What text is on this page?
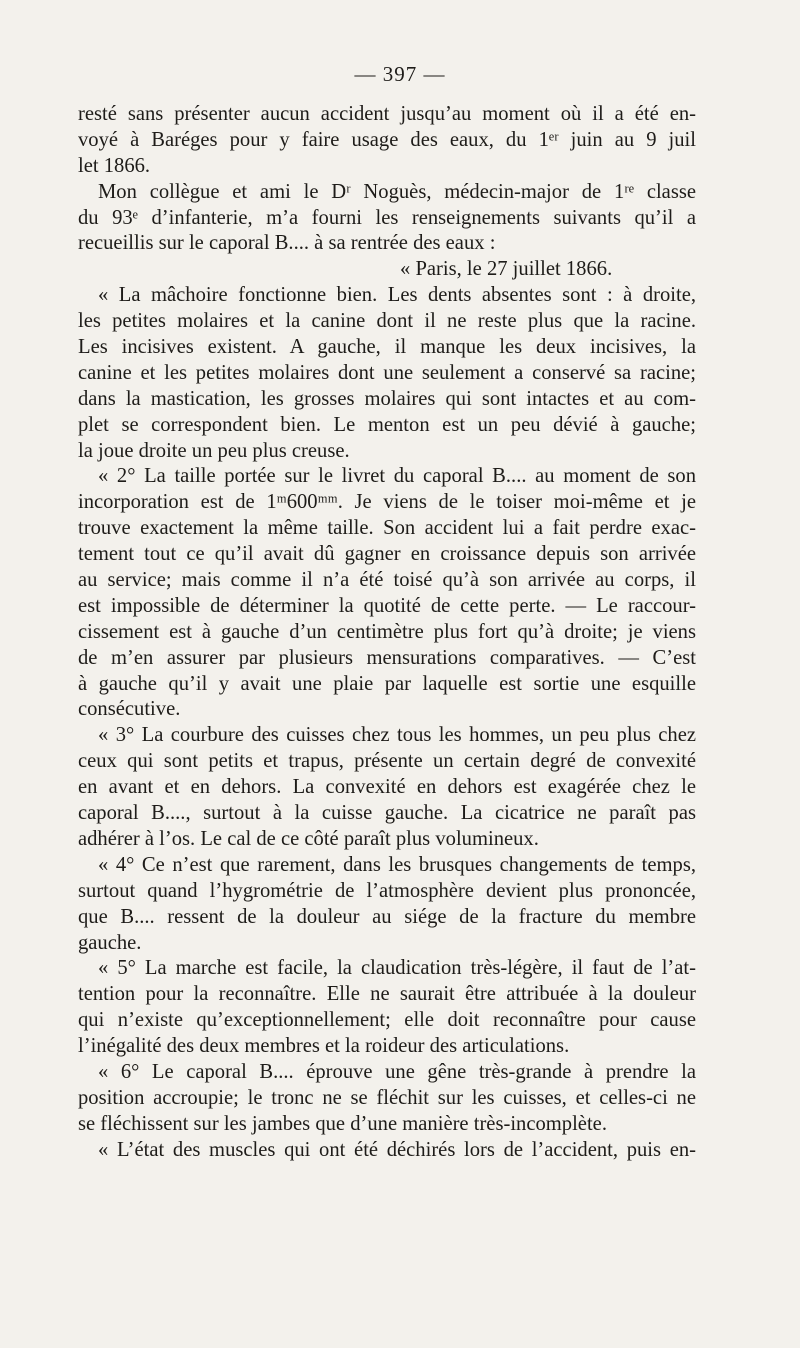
— 397 —
resté sans présenter aucun accident jusqu’au moment où il a été en-
voyé à Baréges pour y faire usage des eaux, du 1ᵉʳ juin au 9 juil
let 1866.
Mon collègue et ami le Dʳ Noguès, médecin-major de 1ʳᵉ classe
du 93ᵉ d’infanterie, m’a fourni les renseignements suivants qu’il a
recueillis sur le caporal B.... à sa rentrée des eaux :
« Paris, le 27 juillet 1866.
« La mâchoire fonctionne bien. Les dents absentes sont : à droite,
les petites molaires et la canine dont il ne reste plus que la racine.
Les incisives existent. A gauche, il manque les deux incisives, la
canine et les petites molaires dont une seulement a conservé sa racine;
dans la mastication, les grosses molaires qui sont intactes et au com-
plet se correspondent bien. Le menton est un peu dévié à gauche;
la joue droite un peu plus creuse.
« 2° La taille portée sur le livret du caporal B.... au moment de son
incorporation est de 1ᵐ600ᵐᵐ. Je viens de le toiser moi-même et je
trouve exactement la même taille. Son accident lui a fait perdre exac-
tement tout ce qu’il avait dû gagner en croissance depuis son arrivée
au service; mais comme il n’a été toisé qu’à son arrivée au corps, il
est impossible de déterminer la quotité de cette perte. — Le raccour-
cissement est à gauche d’un centimètre plus fort qu’à droite; je viens
de m’en assurer par plusieurs mensurations comparatives. — C’est
à gauche qu’il y avait une plaie par laquelle est sortie une esquille
consécutive.
« 3° La courbure des cuisses chez tous les hommes, un peu plus chez
ceux qui sont petits et trapus, présente un certain degré de convexité
en avant et en dehors. La convexité en dehors est exagérée chez le
caporal B...., surtout à la cuisse gauche. La cicatrice ne paraît pas
adhérer à l’os. Le cal de ce côté paraît plus volumineux.
« 4° Ce n’est que rarement, dans les brusques changements de temps,
surtout quand l’hygrométrie de l’atmosphère devient plus prononcée,
que B.... ressent de la douleur au siége de la fracture du membre
gauche.
« 5° La marche est facile, la claudication très-légère, il faut de l’at-
tention pour la reconnaître. Elle ne saurait être attribuée à la douleur
qui n’existe qu’exceptionnellement; elle doit reconnaître pour cause
l’inégalité des deux membres et la roideur des articulations.
« 6° Le caporal B.... éprouve une gêne très-grande à prendre la
position accroupie; le tronc ne se fléchit sur les cuisses, et celles-ci ne
se fléchissent sur les jambes que d’une manière très-incomplète.
« L’état des muscles qui ont été déchirés lors de l’accident, puis en-
